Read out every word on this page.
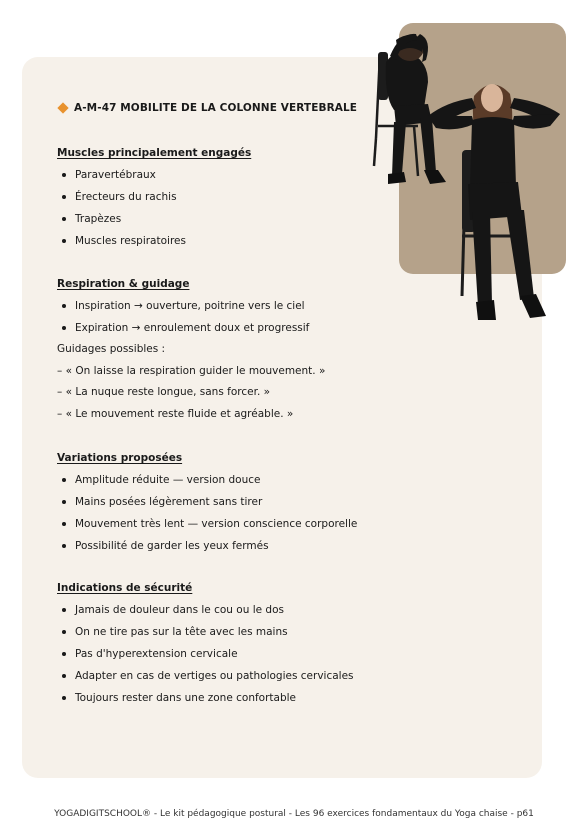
A-M-47 MOBILITE DE LA COLONNE VERTEBRALE
Muscles principalement engagés
Paravertébraux
Érecteurs du rachis
Trapèzes
Muscles respiratoires
Respiration & guidage
Inspiration → ouverture, poitrine vers le ciel
Expiration → enroulement doux et progressif
Guidages possibles :
– « On laisse la respiration guider le mouvement. »
– « La nuque reste longue, sans forcer. »
– « Le mouvement reste fluide et agréable. »
Variations proposées
Amplitude réduite — version douce
Mains posées légèrement sans tirer
Mouvement très lent — version conscience corporelle
Possibilité de garder les yeux fermés
Indications de sécurité
Jamais de douleur dans le cou ou le dos
On ne tire pas sur la tête avec les mains
Pas d'hyperextension cervicale
Adapter en cas de vertiges ou pathologies cervicales
Toujours rester dans une zone confortable
YOGADIGITSCHOOL® - Le kit pédagogique postural - Les 96 exercices fondamentaux du Yoga chaise - p61
